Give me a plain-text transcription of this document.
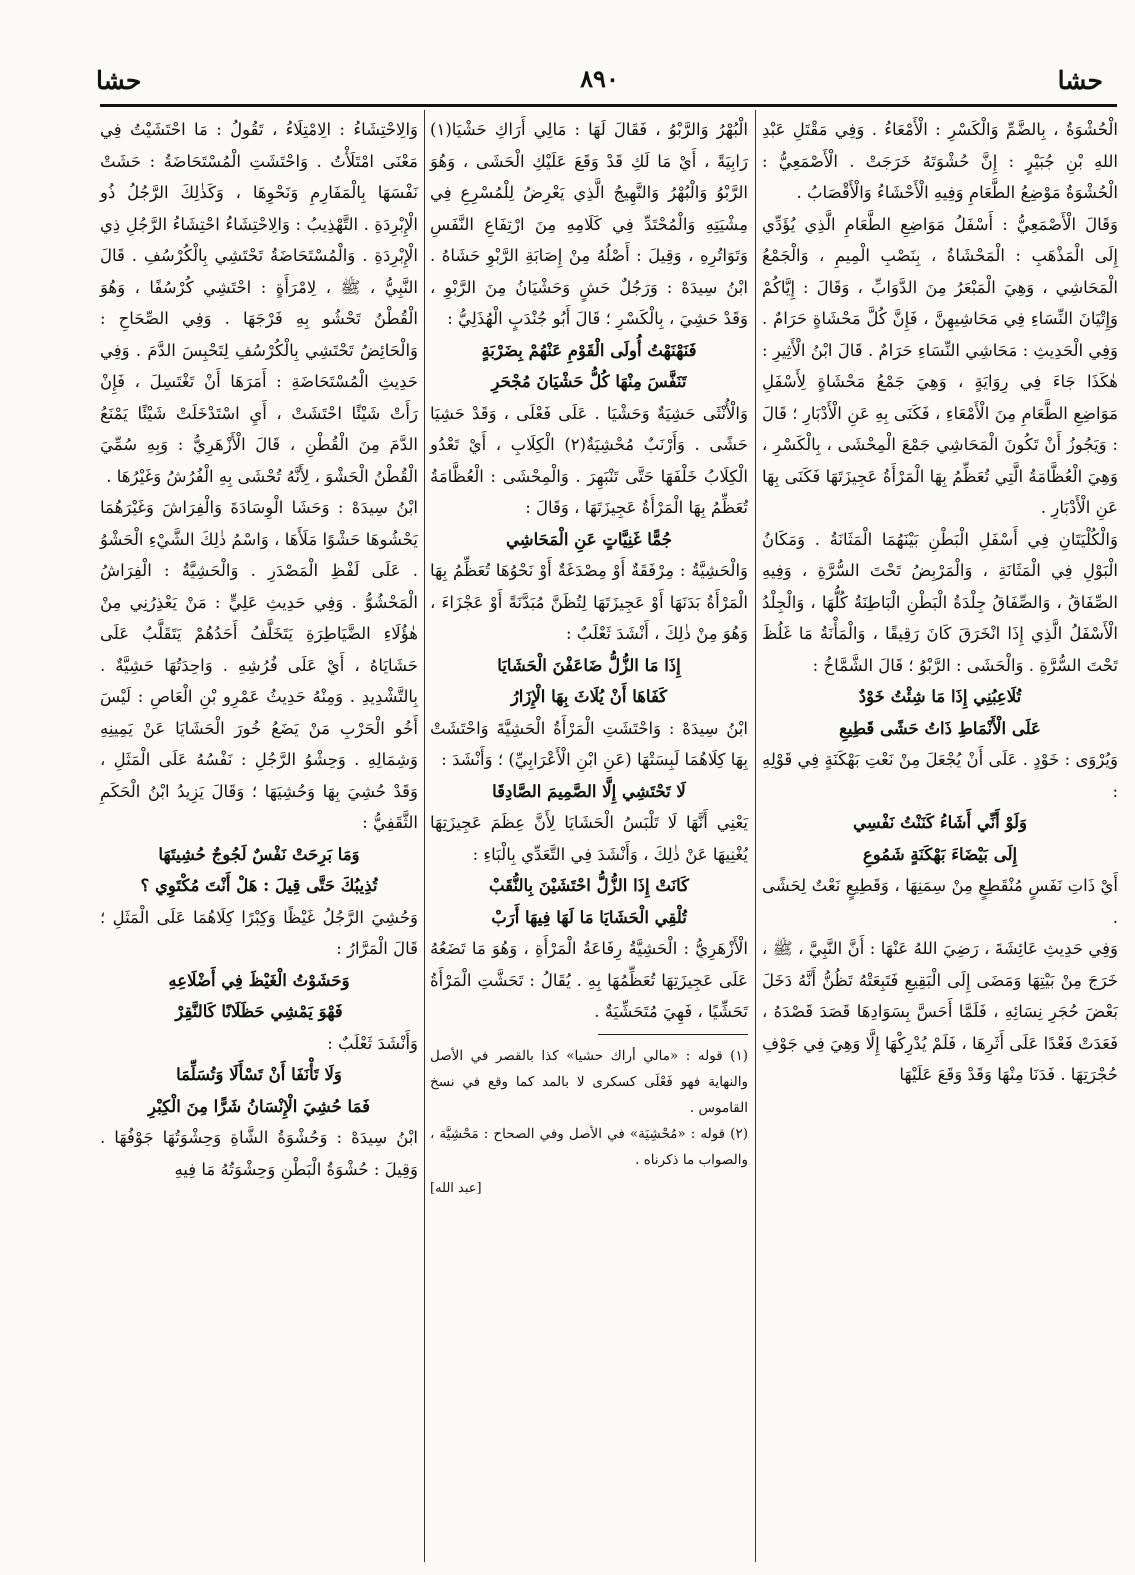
حشا
٨٩٠
حشا

الْحُشْوَةُ ، بِالضَّمِّ وَالْكَسْرِ : الْأَمْعَاءُ . وَفِي مَقْتَلِ عَبْدِ اللهِ بْنِ جُبَيْرٍ : إِنَّ حُشْوَتَهُ خَرَجَتْ . الْأَصْمَعِيُّ : الْحُشْوَةُ مَوْضِعُ الطَّعَامِ وَفِيهِ الْأَحْشَاءُ وَالْأَقْصَابُ .

وَقَالَ الْأَصْمَعِيُّ : أَسْفَلُ مَوَاضِعِ الطَّعَامِ الَّذِي يُؤَدِّي إِلَى الْمَذْهَبِ : الْمَحْشَاةُ ، بِنَصْبِ الْمِيمِ ، وَالْجَمْعُ الْمَحَاشِي ، وَهِيَ الْمَبْعَرُ مِنَ الدَّوَابِّ ، وَقَالَ : إِيَّاكُمْ وَإِتْيَانَ النِّسَاءِ فِي مَحَاشِيهِنَّ ، فَإِنَّ كُلَّ مَحْشَاةٍ حَرَامٌ . وَفِي الْحَدِيثِ : مَحَاشِي النِّسَاءِ حَرَامٌ . قَالَ ابْنُ الْأَثِيرِ : هٰكَذَا جَاءَ فِي رِوَايَةٍ ، وَهِيَ جَمْعُ مَحْشَاةٍ لِأَسْفَلِ مَوَاضِعِ الطَّعَامِ مِنَ الْأَمْعَاءِ ، فَكَنَى بِهِ عَنِ الْأَدْبَارِ ؛ قَالَ : وَيَجُوزُ أَنْ تَكُونَ الْمَحَاشِي جَمْعَ الْمِحْشَى ، بِالْكَسْرِ ، وَهِيَ الْعُظَّامَةُ الَّتِي تُعَظِّمُ بِهَا الْمَرْأَةُ عَجِيزَتَهَا فَكَنَى بِهَا عَنِ الْأَدْبَارِ .

وَالْكُلْيَتَانِ فِي أَسْفَلِ الْبَطْنِ بَيْنَهُمَا الْمَثَانَةُ . وَمَكَانُ الْبَوْلِ فِي الْمَثَانَةِ ، وَالْمَرْبِضُ تَحْتَ السُّرَّةِ ، وَفِيهِ الصِّفَاقُ ، وَالصِّفَاقُ جِلْدَةُ الْبَطْنِ الْبَاطِنَةُ كُلُّهَا ، وَالْجِلْدُ الْأَسْفَلُ الَّذِي إِذَا انْخَرَقَ كَانَ رَقِيقًا ، وَالْمَأْنَةُ مَا غَلُظَ تَحْتَ السُّرَّةِ . وَالْحَشَى : الرَّبْوُ ؛ قَالَ الشَّمَّاخُ :

تُلَاعِبُنِي إِذَا مَا شِئْتُ خَوْدٌ

عَلَى الْأَنْمَاطِ ذَاتُ حَشًى قَطِيعِ

وَيُرْوَى : خَوْدٍ . عَلَى أَنْ يُجْعَلَ مِنْ نَعْتِ بَهْكَنَةٍ فِي قَوْلِهِ :

وَلَوْ أَنِّي أَشَاءُ كَنَنْتُ نَفْسِي

إِلَى بَيْضَاءَ بَهْكَنَةٍ شَمُوعِ

أَيْ ذَاتِ نَفَسٍ مُنْقَطِعٍ مِنْ سِمَنِهَا ، وَقَطِيعٍ نَعْتٌ لِحَشًى .

وَفِي حَدِيثِ عَائِشَةَ ، رَضِيَ اللهُ عَنْهَا : أَنَّ النَّبِيَّ ، ﷺ ، خَرَجَ مِنْ بَيْتِهَا وَمَضَى إِلَى الْبَقِيعِ فَتَبِعَتْهُ تَظُنُّ أَنَّهُ دَخَلَ بَعْضَ حُجَرِ نِسَائِهِ ، فَلَمَّا أَحَسَّ بِسَوَادِهَا قَصَدَ قَصْدَهُ ، فَعَدَتْ فَعْدًا عَلَى أَثَرِهَا ، فَلَمْ يُدْرِكْهَا إِلَّا وَهِيَ فِي جَوْفِ حُجْرَتِهَا . فَدَنَا مِنْهَا وَقَدْ وَقَعَ عَلَيْهَا

الْبُهْرُ وَالرَّبْوُ ، فَقَالَ لَهَا : مَالِي أَرَاكِ حَشْيَا(١) رَابِيَةً ، أَيْ مَا لَكِ قَدْ وَقَعَ عَلَيْكِ الْحَشَى ، وَهُوَ الرَّبْوُ وَالْبُهْرُ وَالنَّهِيجُ الَّذِي يَعْرِضُ لِلْمُسْرِعِ فِي مِشْيَتِهِ وَالْمُحْتَدِّ فِي كَلَامِهِ مِنَ ارْتِفَاعِ النَّفَسِ وَتَوَاتُرِهِ ، وَقِيلَ : أَصْلُهُ مِنْ إِصَابَةِ الرَّبْوِ حَشَاهُ . ابْنُ سِيدَهْ : وَرَجُلٌ حَشٍ وَحَشْيَانُ مِنَ الرَّبْوِ ، وَقَدْ حَشِيَ ، بِالْكَسْرِ ؛ قَالَ أَبُو جُنْدَبٍ الْهُذَلِيُّ :

فَنَهْنَهْتُ أُولَى الْقَوْمِ عَنْهُمْ بِضَرْبَةٍ

تَنَفَّسَ مِنْهَا كُلُّ حَشْيَانَ مُجْحَرِ

وَالْأُنْثَى حَشِيَةٌ وَحَشْيَا . عَلَى فَعْلَى ، وَقَدْ حَشِيَا حَشًى . وَأَرْنَبٌ مُحْشِيَةٌ(٢) الْكِلَابِ ، أَيْ تَعْدُو الْكِلَابُ خَلْفَهَا حَتَّى تَنْبَهِرَ . وَالْمِحْشَى : الْعُظَّامَةُ تُعَظِّمُ بِهَا الْمَرْأَةُ عَجِيزَتَهَا ، وَقَالَ :

جُمًّا غَنِيَّاتٍ عَنِ الْمَحَاشِي

وَالْحَشِيَّةُ : مِرْفَقَةٌ أَوْ مِصْدَغَةٌ أَوْ نَحْوُهَا تُعَظِّمُ بِهَا الْمَرْأَةُ بَدَنَهَا أَوْ عَجِيزَتَهَا لِتُظَنَّ مُبَدَّنَةً أَوْ عَجْزَاءَ ، وَهُوَ مِنْ ذٰلِكَ ، أَنْشَدَ ثَعْلَبٌ :

إِذَا مَا الزُّلُّ ضَاعَفْنَ الْحَشَايَا

كَفَاهَا أَنْ يُلَاثَ بِهَا الْإِزَارُ

ابْنُ سِيدَهْ : وَاحْتَشَتِ الْمَرْأَةُ الْحَشِيَّةَ وَاحْتَشَتْ بِهَا كِلَاهُمَا لَبِسَتْهَا (عَنِ ابْنِ الْأَعْرَابِيِّ) ؛ وَأَنْشَدَ :

لَا تَحْتَشِي إِلَّا الصَّمِيمَ الصَّادِقَا

يَعْنِي أَنَّهَا لَا تَلْبَسُ الْحَشَايَا لِأَنَّ عِظَمَ عَجِيزَتِهَا يُغْنِيهَا عَنْ ذٰلِكَ ، وَأَنْشَدَ فِي التَّعَدِّي بِالْبَاءِ :

كَانَتْ إِذَا الزُّلُّ احْتَشَيْنَ بِالنُّقَبْ

تُلْقِي الْحَشَايَا مَا لَهَا فِيهَا أَرَبْ

الْأَزْهَرِيُّ : الْحَشِيَّةُ رِفَاعَةُ الْمَرْأَةِ ، وَهُوَ مَا تَضَعُهُ عَلَى عَجِيزَتِهَا تُعَظِّمُهَا بِهِ . يُقَالُ : تَحَشَّتِ الْمَرْأَةُ تَحَشِّيًا ، فَهِيَ مُتَحَشِّيَةٌ .

(١) قوله : «مالي أراك حشيا» كذا بالقصر في الأصل والنهاية فهو فَعْلَى كسكرى لا بالمد كما وقع في نسخ القاموس .

(٢) قوله : «مُحْشِيَة» في الأصل وفي الصحاح : مَحْشِيَّة ، والصواب ما ذكرناه .

[عبد الله]

وَالِاحْتِشَاءُ : الِامْتِلَاءُ ، تَقُولُ : مَا احْتَشَيْتُ فِي مَعْنَى امْتَلَأْتُ . وَاحْتَشَتِ الْمُسْتَحَاضَةُ : حَشَتْ نَفْسَهَا بِالْمَفَارِمِ وَنَحْوِهَا ، وَكَذٰلِكَ الرَّجُلُ ذُو الْإِبْرِدَةِ . التَّهْذِيبُ : وَالِاحْتِشَاءُ احْتِشَاءُ الرَّجُلِ ذِي الْإِبْرِدَةِ . وَالْمُسْتَحَاضَةُ تَحْتَشِي بِالْكُرْسُفِ . قَالَ النَّبِيُّ ، ﷺ ، لِامْرَأَةٍ : احْتَشِي كُرْسُفًا ، وَهُوَ الْقُطْنُ تَحْشُو بِهِ فَرْجَهَا . وَفِي الصِّحَاحِ : وَالْحَائِضُ تَحْتَشِي بِالْكُرْسُفِ لِتَحْبِسَ الدَّمَ . وَفِي حَدِيثِ الْمُسْتَحَاضَةِ : أَمَرَهَا أَنْ تَغْتَسِلَ ، فَإِنْ رَأَتْ شَيْئًا احْتَشَتْ ، أَيِ اسْتَدْخَلَتْ شَيْئًا يَمْنَعُ الدَّمَ مِنَ الْقُطْنِ ، قَالَ الْأَزْهَرِيُّ : وَبِهِ سُمِّيَ الْقُطْنُ الْحَشْوَ ، لِأَنَّهُ تُحْشَى بِهِ الْفُرُشُ وَغَيْرُهَا .

ابْنُ سِيدَهْ : وَحَشَا الْوِسَادَةَ وَالْفِرَاشَ وَغَيْرَهُمَا يَحْشُوهَا حَشْوًا مَلَأَهَا ، وَاسْمُ ذٰلِكَ الشَّيْءِ الْحَشْوُ . عَلَى لَفْظِ الْمَصْدَرِ . وَالْحَشِيَّةُ : الْفِرَاشُ الْمَحْشُوُّ . وَفِي حَدِيثِ عَلِيٍّ : مَنْ يَعْذِرُنِي مِنْ هٰؤُلَاءِ الضَّيَاطِرَةِ يَتَخَلَّفُ أَحَدُهُمْ يَتَقَلَّبُ عَلَى حَشَايَاهُ ، أَيْ عَلَى فُرُشِهِ . وَاحِدَتُهَا حَشِيَّةٌ . بِالتَّشْدِيدِ . وَمِنْهُ حَدِيثُ عَمْرِو بْنِ الْعَاصِ : لَيْسَ أَخُو الْحَرْبِ مَنْ يَضَعُ خُورَ الْحَشَايَا عَنْ يَمِينِهِ وَشِمَالِهِ . وَحِشْوُ الرَّجُلِ : نَفْسُهُ عَلَى الْمَثَلِ ، وَقَدْ حُشِيَ بِهَا وَحُشِيَهَا ؛ وَقَالَ يَزِيدُ ابْنُ الْحَكَمِ الثَّقَفِيُّ :

وَمَا بَرِحَتْ نَفْسٌ لَجُوجٌ حُشِيتَهَا

تُذِيبُكَ حَتَّى قِيلَ : هَلْ أَنْتَ مُكْتَوِي ؟

وَحُشِيَ الرَّجُلُ غَيْظًا وَكِبْرًا كِلَاهُمَا عَلَى الْمَثَلِ ؛ قَالَ الْمَرَّارُ :

وَحَشَوْتُ الْغَيْظَ فِي أَضْلَاعِهِ

فَهْوَ يَمْشِي حَظَلَانًا كَالنَّقِرْ

وَأَنْشَدَ ثَعْلَبٌ :

وَلَا تَأْنَفَا أَنْ تَسْأَلَا وَتُسَلِّمَا

فَمَا حُشِيَ الْإِنْسَانُ شَرًّا مِنَ الْكِبْرِ

ابْنُ سِيدَهْ : وَحُشْوَةُ الشَّاةِ وَحِشْوَتُهَا جَوْفُهَا . وَقِيلَ : حُشْوَةُ الْبَطْنِ وَحِشْوَتُهُ مَا فِيهِ
